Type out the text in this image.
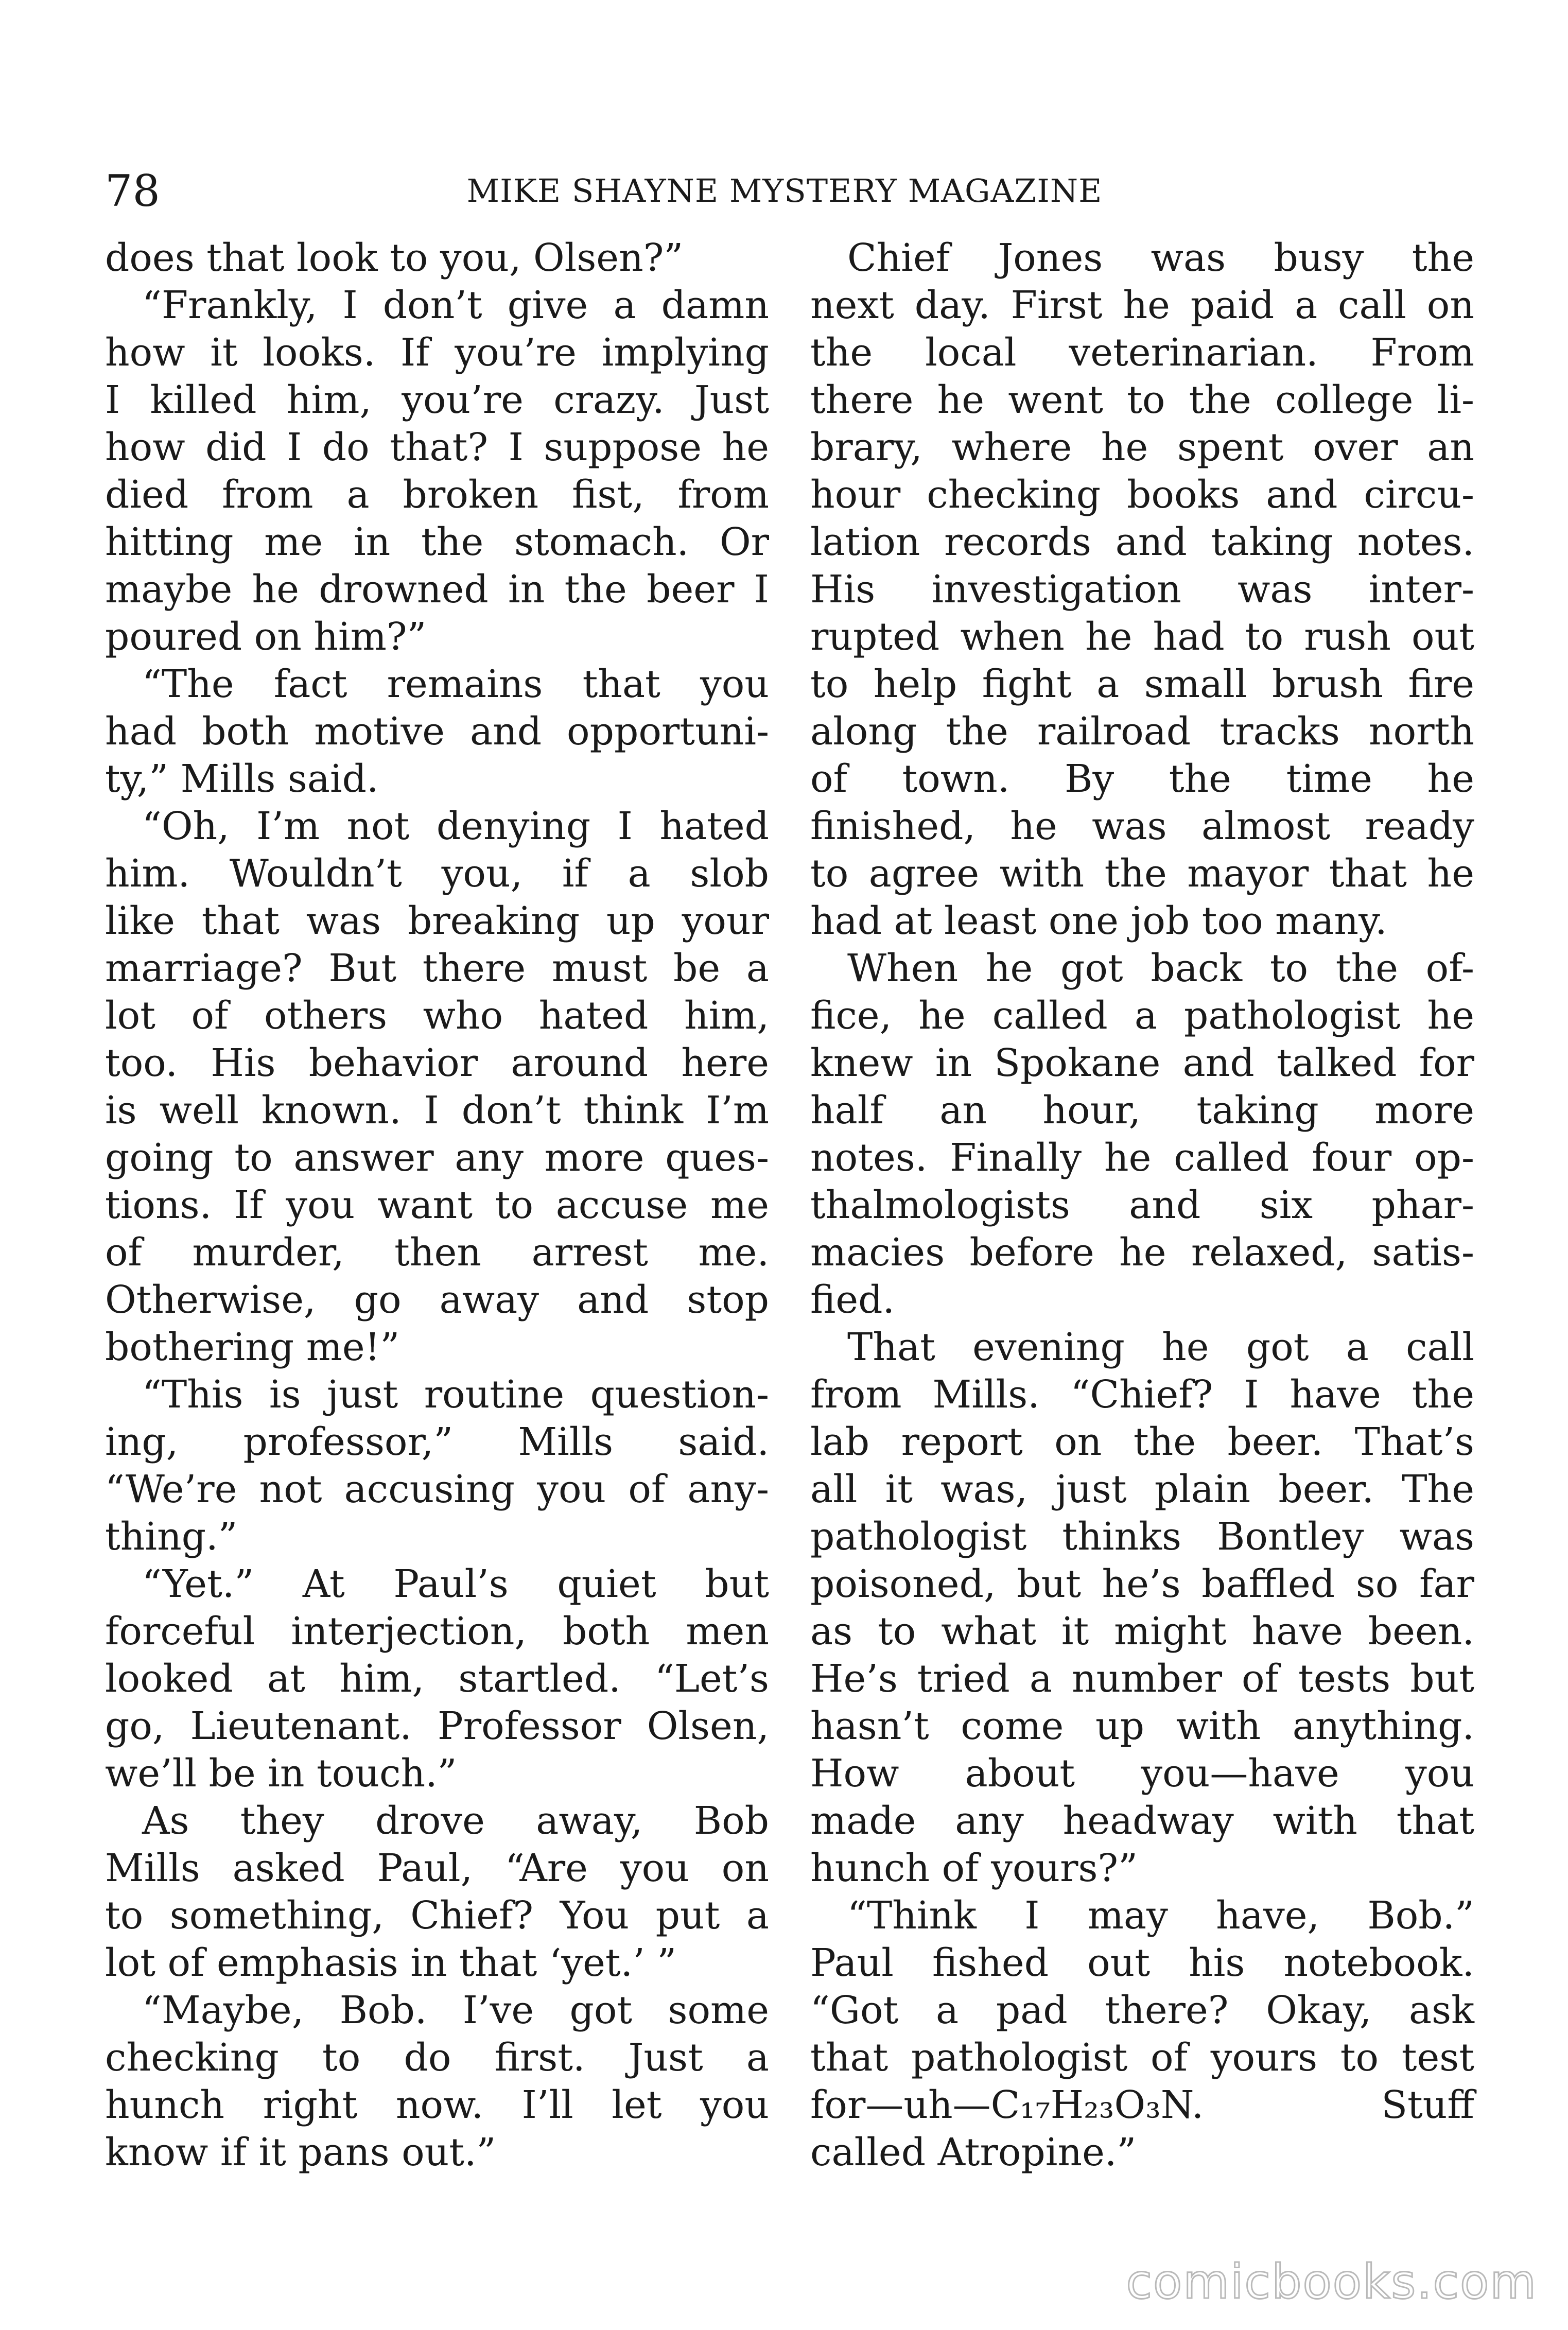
78	MIKE SHAYNE MYSTERY MAGAZINE
does that look to you, Olsen?”
“Frankly, I don’t give a damn
how it looks. If you’re implying
I killed him, you’re crazy. Just
how did I do that? I suppose he
died from a broken fist, from
hitting me in the stomach. Or
maybe he drowned in the beer I
poured on him?”
“The fact remains that you
had both motive and opportuni-
ty,” Mills said.
“Oh, I’m not denying I hated
him. Wouldn’t you, if a slob
like that was breaking up your
marriage? But there must be a
lot of others who hated him,
too. His behavior around here
is well known. I don’t think I’m
going to answer any more ques-
tions. If you want to accuse me
of murder, then arrest me.
Otherwise, go away and stop
bothering me!”
“This is just routine question-
ing, professor,” Mills said.
“We’re not accusing you of any-
thing.”
“Yet.” At Paul’s quiet but
forceful interjection, both men
looked at him, startled. “Let’s
go, Lieutenant. Professor Olsen,
we’ll be in touch.”
As they drove away, Bob
Mills asked Paul, “Are you on
to something, Chief? You put a
lot of emphasis in that ‘yet.’ ”
“Maybe, Bob. I’ve got some
checking to do first. Just a
hunch right now. I’ll let you
know if it pans out.”
Chief Jones was busy the
next day. First he paid a call on
the local veterinarian. From
there he went to the college li-
brary, where he spent over an
hour checking books and circu-
lation records and taking notes.
His investigation was inter-
rupted when he had to rush out
to help fight a small brush fire
along the railroad tracks north
of town. By the time he
finished, he was almost ready
to agree with the mayor that he
had at least one job too many.
When he got back to the of-
fice, he called a pathologist he
knew in Spokane and talked for
half an hour, taking more
notes. Finally he called four op-
thalmologists and six phar-
macies before he relaxed, satis-
fied.
That evening he got a call
from Mills. “Chief? I have the
lab report on the beer. That’s
all it was, just plain beer. The
pathologist thinks Bontley was
poisoned, but he’s baffled so far
as to what it might have been.
He’s tried a number of tests but
hasn’t come up with anything.
How about you—have you
made any headway with that
hunch of yours?”
“Think I may have, Bob.”
Paul fished out his notebook.
“Got a pad there? Okay, ask
that pathologist of yours to test
for—uh—C₁₇H₂₃O₃N. Stuff
called Atropine.”
comicbooks.com
